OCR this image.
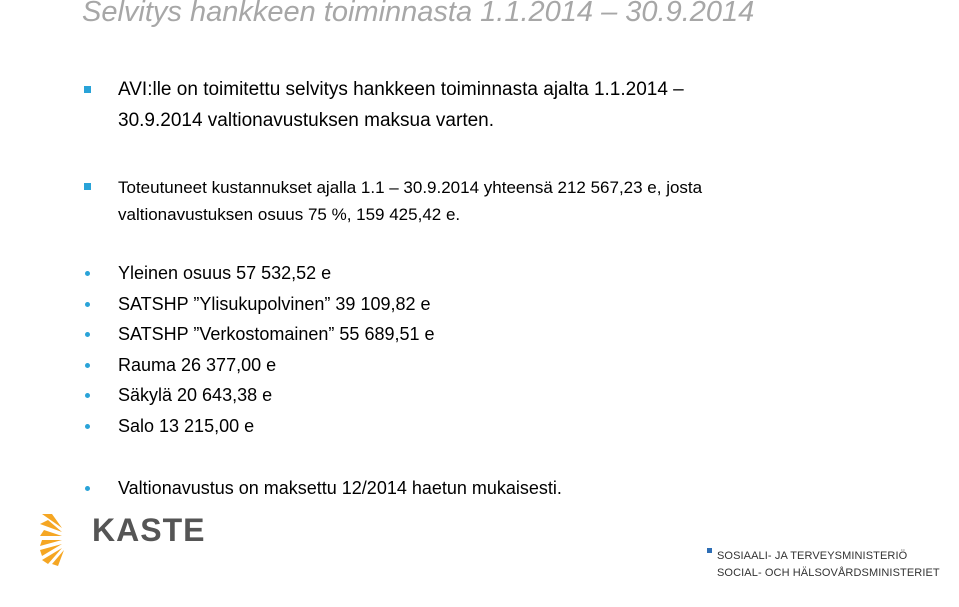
Selvitys hankkeen toiminnasta 1.1.2014 – 30.9.2014
AVI:lle on toimitettu selvitys hankkeen toiminnasta ajalta 1.1.2014 –
30.9.2014 valtionavustuksen maksua varten.
Toteutuneet kustannukset ajalla 1.1 – 30.9.2014 yhteensä 212 567,23 e, josta
valtionavustuksen osuus 75 %, 159 425,42 e.
Yleinen osuus 57 532,52 e
SATSHP ”Ylisukupolvinen” 39 109,82 e
SATSHP ”Verkostomainen” 55 689,51 e
Rauma 26 377,00 e
Säkylä 20 643,38 e
Salo 13 215,00 e
Valtionavustus on maksettu 12/2014 haetun mukaisesti.
KASTE
SOSIAALI- JA TERVEYSMINISTERIÖ
SOCIAL- OCH HÄLSOVÅRDSMINISTERIET
